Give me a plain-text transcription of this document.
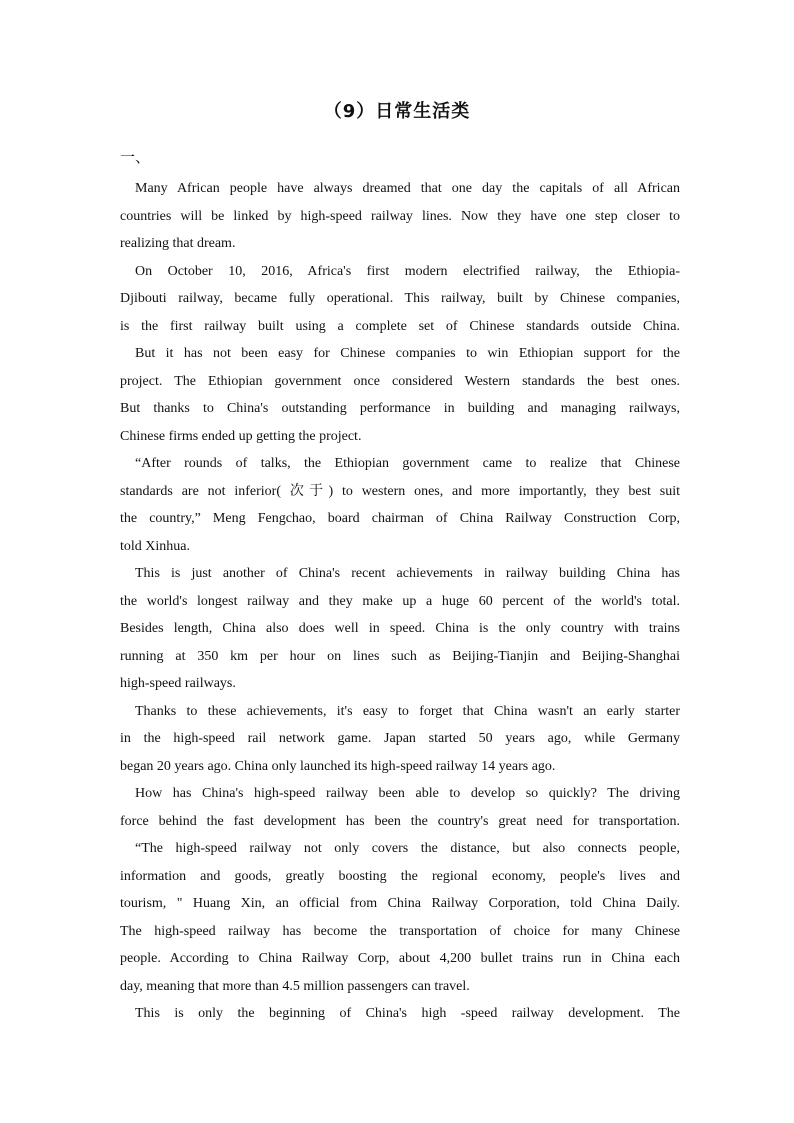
（9）日常生活类
一、
Many African people have always dreamed that one day the capitals of all African
countries will be linked by high-speed railway lines. Now they have one step closer to
realizing that dream.
On October 10, 2016, Africa's first modern electrified railway, the Ethiopia-
Djibouti railway, became fully operational. This railway, built by Chinese companies,
is the first railway built using a complete set of Chinese standards outside China.
But it has not been easy for Chinese companies to win Ethiopian support for the
project. The Ethiopian government once considered Western standards the best ones.
But thanks to China's outstanding performance in building and managing railways,
Chinese firms ended up getting the project.
“After rounds of talks, the Ethiopian government came to realize that Chinese
standards are not inferior( 次于) to western ones, and more importantly, they best suit
the country,” Meng Fengchao, board chairman of China Railway Construction Corp,
told Xinhua.
This is just another of China's recent achievements in railway building China has
the world's longest railway and they make up a huge 60 percent of the world's total.
Besides length, China also does well in speed. China is the only country with trains
running at 350 km per hour on lines such as Beijing-Tianjin and Beijing-Shanghai
high-speed railways.
Thanks to these achievements, it's easy to forget that China wasn't an early starter
in the high-speed rail network game. Japan started 50 years ago, while Germany
began 20 years ago. China only launched its high-speed railway 14 years ago.
How has China's high-speed railway been able to develop so quickly? The driving
force behind the fast development has been the country's great need for transportation.
“The high-speed railway not only covers the distance, but also connects people,
information and goods, greatly boosting the regional economy, people's lives and
tourism, " Huang Xin, an official from China Railway Corporation, told China Daily.
The high-speed railway has become the transportation of choice for many Chinese
people. According to China Railway Corp, about 4,200 bullet trains run in China each
day, meaning that more than 4.5 million passengers can travel.
This is only the beginning of China's high -speed railway development. The
